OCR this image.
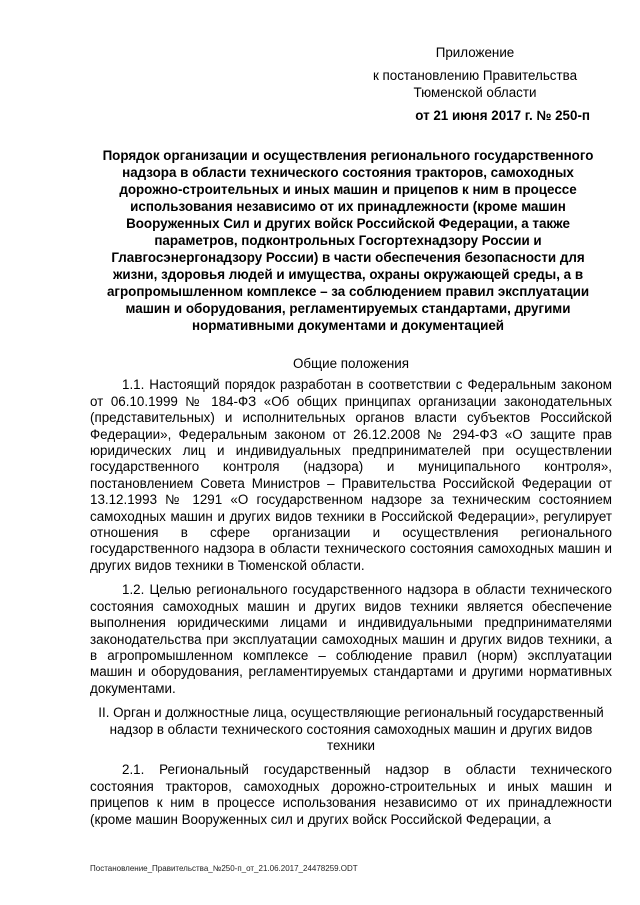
Приложение
к постановлению Правительства
Тюменской области
от 21 июня 2017 г. № 250-п
Порядок организации и осуществления регионального государственного надзора в области технического состояния тракторов, самоходных дорожно-строительных и иных машин и прицепов к ним в процессе использования независимо от их принадлежности (кроме машин Вооруженных Сил и других войск Российской Федерации, а также параметров, подконтрольных Госгортехнадзору России и Главгосэнергонадзору России) в части обеспечения безопасности для жизни, здоровья людей и имущества, охраны окружающей среды, а в агропромышленном комплексе – за соблюдением правил эксплуатации машин и оборудования, регламентируемых стандартами, другими нормативными документами и документацией

Общие положения

1.1. Настоящий порядок разработан в соответствии с Федеральным законом от 06.10.1999 № 184-ФЗ «Об общих принципах организации законодательных (представительных) и исполнительных органов власти субъектов Российской Федерации», Федеральным законом от 26.12.2008 № 294-ФЗ «О защите прав юридических лиц и индивидуальных предпринимателей при осуществлении государственного контроля (надзора) и муниципального контроля», постановлением Совета Министров – Правительства Российской Федерации от 13.12.1993 № 1291 «О государственном надзоре за техническим состоянием самоходных машин и других видов техники в Российской Федерации», регулирует отношения в сфере организации и осуществления регионального государственного надзора в области технического состояния самоходных машин и других видов техники в Тюменской области.

1.2. Целью регионального государственного надзора в области технического состояния самоходных машин и других видов техники является обеспечение выполнения юридическими лицами и индивидуальными предпринимателями законодательства при эксплуатации самоходных машин и других видов техники, а в агропромышленном комплексе – соблюдение правил (норм) эксплуатации машин и оборудования, регламентируемых стандартами и другими нормативных документами.

II. Орган и должностные лица, осуществляющие региональный государственный надзор в области технического состояния самоходных машин и других видов техники

2.1. Региональный государственный надзор в области технического состояния тракторов, самоходных дорожно-строительных и иных машин и прицепов к ним в процессе использования независимо от их принадлежности (кроме машин Вооруженных сил и других войск Российской Федерации, а

Постановление_Правительства_№250-п_от_21.06.2017_24478259.ODT
